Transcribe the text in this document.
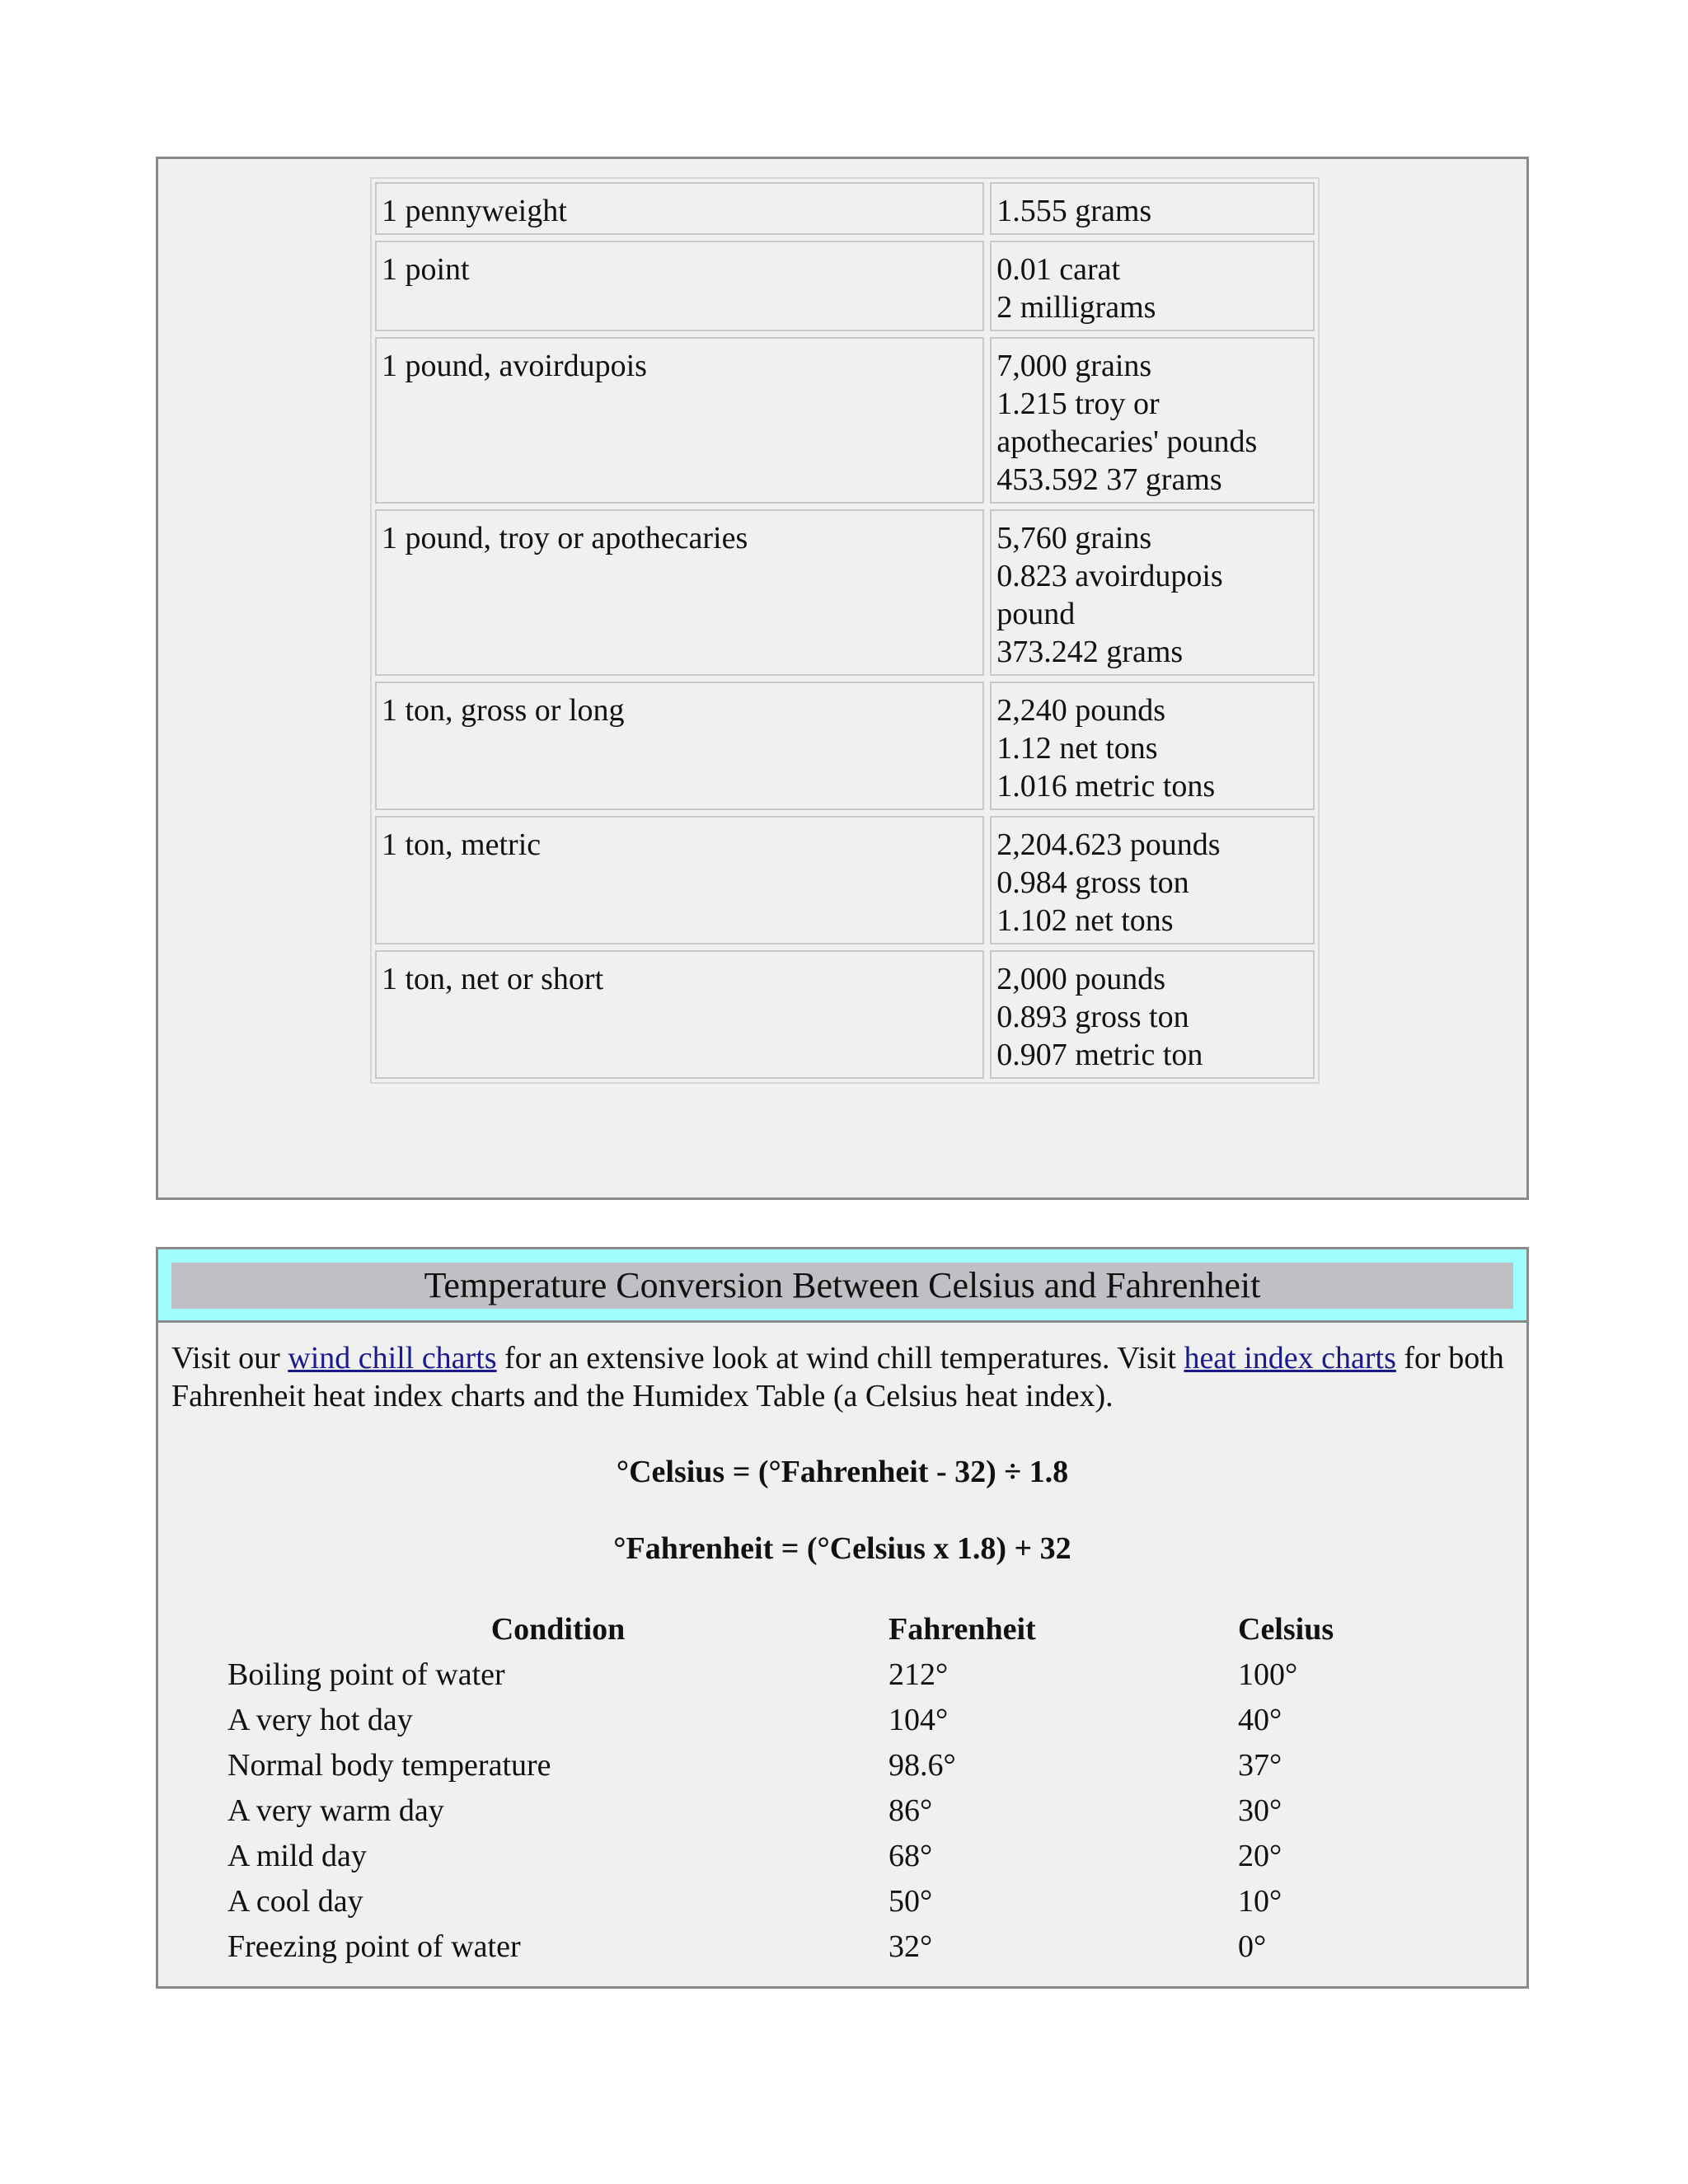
1 pennyweight	1.555 grams

1 point	0.01 carat
2 milligrams

1 pound, avoirdupois	7,000 grains
1.215 troy or apothecaries' pounds
453.592 37 grams

1 pound, troy or apothecaries	5,760 grains
0.823 avoirdupois pound
373.242 grams

1 ton, gross or long	2,240 pounds
1.12 net tons
1.016 metric tons

1 ton, metric	2,204.623 pounds
0.984 gross ton
1.102 net tons

1 ton, net or short	2,000 pounds
0.893 gross ton
0.907 metric ton
Temperature Conversion Between Celsius and Fahrenheit

Visit our wind chill charts for an extensive look at wind chill temperatures. Visit heat index charts for both Fahrenheit heat index charts and the Humidex Table (a Celsius heat index).

°Celsius = (°Fahrenheit - 32) ÷ 1.8

°Fahrenheit = (°Celsius x 1.8) + 32

Condition	Fahrenheit	Celsius
Boiling point of water	212°	100°
A very hot day	104°	40°
Normal body temperature	98.6°	37°
A very warm day	86°	30°
A mild day	68°	20°
A cool day	50°	10°
Freezing point of water	32°	0°
